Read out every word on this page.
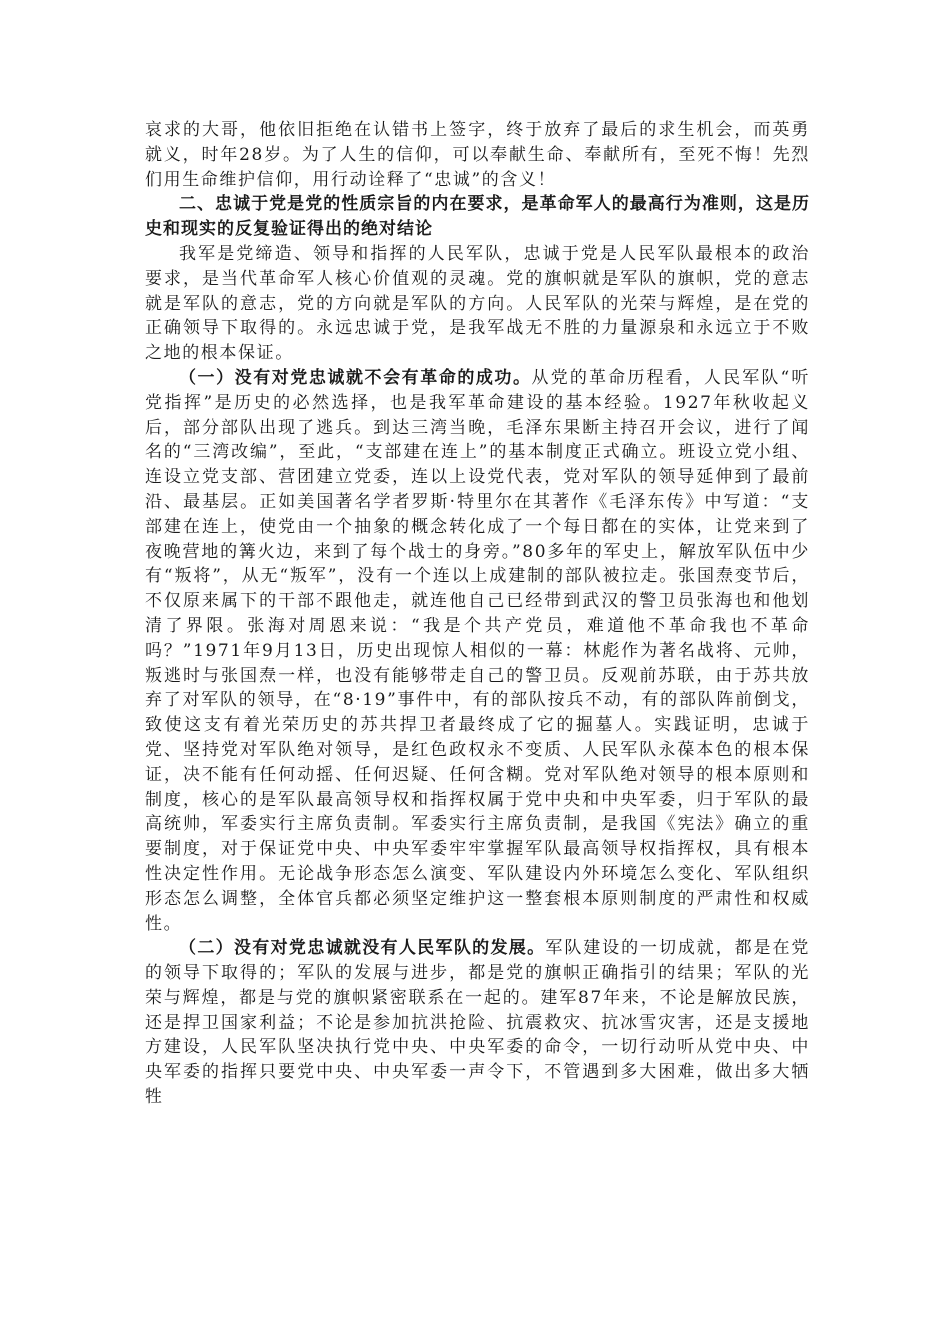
哀求的大哥，他依旧拒绝在认错书上签字，终于放弃了最后的求生机会，而英勇就义，时年28岁。为了人生的信仰，可以奉献生命、奉献所有，至死不悔！先烈们用生命维护信仰，用行动诠释了“忠诚”的含义！

二、忠诚于党是党的性质宗旨的内在要求，是革命军人的最高行为准则，这是历史和现实的反复验证得出的绝对结论

我军是党缔造、领导和指挥的人民军队，忠诚于党是人民军队最根本的政治要求，是当代革命军人核心价值观的灵魂。党的旗帜就是军队的旗帜，党的意志就是军队的意志，党的方向就是军队的方向。人民军队的光荣与辉煌，是在党的正确领导下取得的。永远忠诚于党，是我军战无不胜的力量源泉和永远立于不败之地的根本保证。

（一）没有对党忠诚就不会有革命的成功。从党的革命历程看，人民军队“听党指挥”是历史的必然选择，也是我军革命建设的基本经验。1927年秋收起义后，部分部队出现了逃兵。到达三湾当晚，毛泽东果断主持召开会议，进行了闻名的“三湾改编”，至此，“支部建在连上”的基本制度正式确立。班设立党小组、连设立党支部、营团建立党委，连以上设党代表，党对军队的领导延伸到了最前沿、最基层。正如美国著名学者罗斯·特里尔在其著作《毛泽东传》中写道：“支部建在连上，使党由一个抽象的概念转化成了一个每日都在的实体，让党来到了夜晚营地的篝火边，来到了每个战士的身旁。”80多年的军史上，解放军队伍中少有“叛将”，从无“叛军”，没有一个连以上成建制的部队被拉走。张国焘变节后，不仅原来属下的干部不跟他走，就连他自己已经带到武汉的警卫员张海也和他划清了界限。张海对周恩来说：“我是个共产党员，难道他不革命我也不革命吗？”1971年9月13日，历史出现惊人相似的一幕：林彪作为著名战将、元帅，叛逃时与张国焘一样，也没有能够带走自己的警卫员。反观前苏联，由于苏共放弃了对军队的领导，在“8·19”事件中，有的部队按兵不动，有的部队阵前倒戈，致使这支有着光荣历史的苏共捍卫者最终成了它的掘墓人。实践证明，忠诚于党、坚持党对军队绝对领导，是红色政权永不变质、人民军队永葆本色的根本保证，决不能有任何动摇、任何迟疑、任何含糊。党对军队绝对领导的根本原则和制度，核心的是军队最高领导权和指挥权属于党中央和中央军委，归于军队的最高统帅，军委实行主席负责制。军委实行主席负责制，是我国《宪法》确立的重要制度，对于保证党中央、中央军委牢牢掌握军队最高领导权指挥权，具有根本性决定性作用。无论战争形态怎么演变、军队建设内外环境怎么变化、军队组织形态怎么调整，全体官兵都必须坚定维护这一整套根本原则制度的严肃性和权威性。

（二）没有对党忠诚就没有人民军队的发展。军队建设的一切成就，都是在党的领导下取得的；军队的发展与进步，都是党的旗帜正确指引的结果；军队的光荣与辉煌，都是与党的旗帜紧密联系在一起的。建军87年来，不论是解放民族，还是捍卫国家利益；不论是参加抗洪抢险、抗震救灾、抗冰雪灾害，还是支援地方建设，人民军队坚决执行党中央、中央军委的命令，一切行动听从党中央、中央军委的指挥只要党中央、中央军委一声令下，不管遇到多大困难，做出多大牺牲
